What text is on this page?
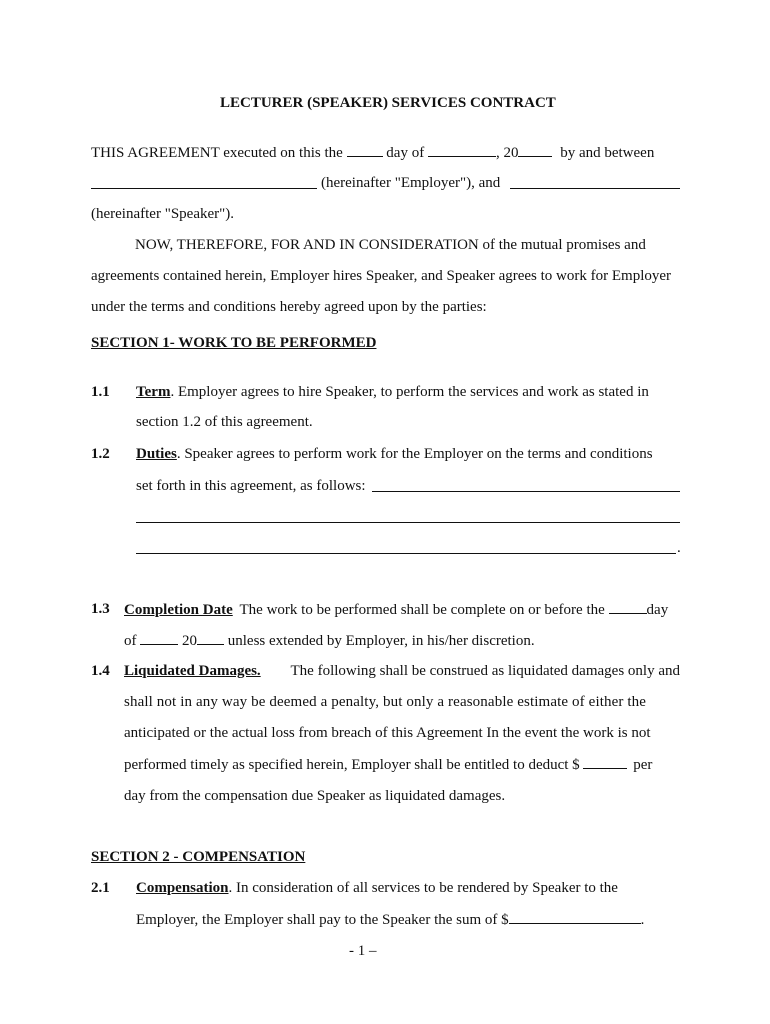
LECTURER (SPEAKER) SERVICES CONTRACT
THIS AGREEMENT executed on this the	day of	, 20	by and between
(hereinafter "Employer"), and
(hereinafter "Speaker").
NOW, THEREFORE, FOR AND IN CONSIDERATION of the mutual promises and
agreements contained herein, Employer hires Speaker, and Speaker agrees to work for Employer
under the terms and conditions hereby agreed upon by the parties:
SECTION 1- WORK TO BE PERFORMED
1.1 Term. Employer agrees to hire Speaker, to perform the services and work as stated in
section 1.2 of this agreement.
1.2 Duties. Speaker agrees to perform work for the Employer on the terms and conditions
set forth in this agreement, as follows:
.
1.3 Completion Date The work to be performed shall be complete on or before the	day
of	20 unless extended by Employer, in his/her discretion.
1.4 Liquidated Damages. The following shall be construed as liquidated damages only and
shall not in any way be deemed a penalty, but only a reasonable estimate of either the
anticipated or the actual loss from breach of this Agreement In the event the work is not
performed timely as specified herein, Employer shall be entitled to deduct $	per
day from the compensation due Speaker as liquidated damages.
SECTION 2 - COMPENSATION
2.1 Compensation. In consideration of all services to be rendered by Speaker to the
Employer, the Employer shall pay to the Speaker the sum of $	.
- 1 –
